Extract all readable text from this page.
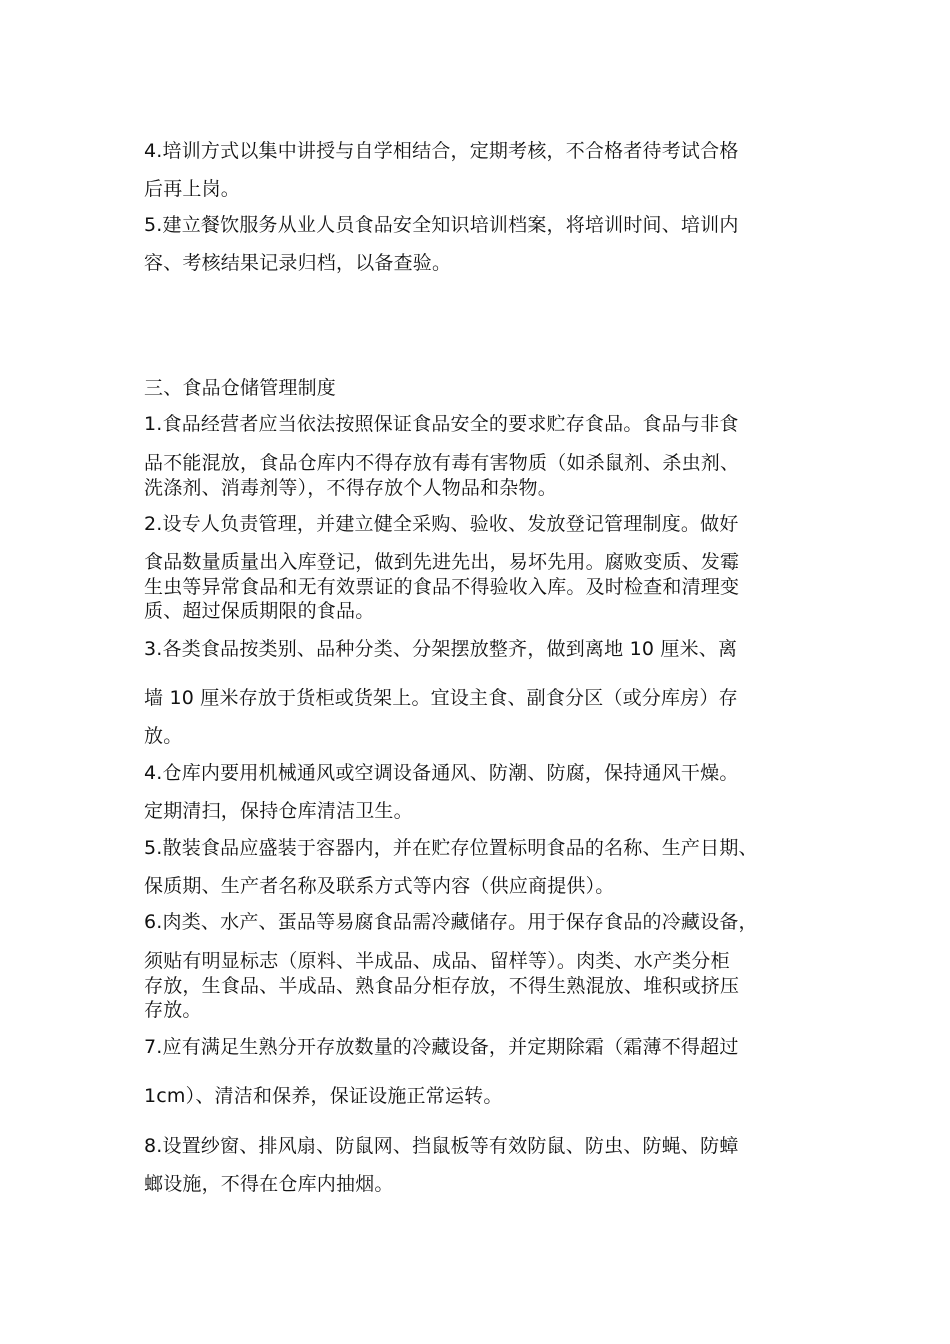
4.培训方式以集中讲授与自学相结合，定期考核，不合格者待考试合格
后再上岗。
5.建立餐饮服务从业人员食品安全知识培训档案，将培训时间、培训内
容、考核结果记录归档，以备查验。
三、食品仓储管理制度
1.食品经营者应当依法按照保证食品安全的要求贮存食品。食品与非食
品不能混放，食品仓库内不得存放有毒有害物质（如杀鼠剂、杀虫剂、
洗涤剂、消毒剂等），不得存放个人物品和杂物。
2.设专人负责管理，并建立健全采购、验收、发放登记管理制度。做好
食品数量质量出入库登记，做到先进先出，易坏先用。腐败变质、发霉
生虫等异常食品和无有效票证的食品不得验收入库。及时检查和清理变
质、超过保质期限的食品。
3.各类食品按类别、品种分类、分架摆放整齐，做到离地 10 厘米、离
墙 10 厘米存放于货柜或货架上。宜设主食、副食分区（或分库房）存
放。
4.仓库内要用机械通风或空调设备通风、防潮、防腐，保持通风干燥。
定期清扫，保持仓库清洁卫生。
5.散装食品应盛装于容器内，并在贮存位置标明食品的名称、生产日期、
保质期、生产者名称及联系方式等内容（供应商提供）。
6.肉类、水产、蛋品等易腐食品需冷藏储存。用于保存食品的冷藏设备，
须贴有明显标志（原料、半成品、成品、留样等）。肉类、水产类分柜
存放，生食品、半成品、熟食品分柜存放，不得生熟混放、堆积或挤压
存放。
7.应有满足生熟分开存放数量的冷藏设备，并定期除霜（霜薄不得超过
1cm）、清洁和保养，保证设施正常运转。
8.设置纱窗、排风扇、防鼠网、挡鼠板等有效防鼠、防虫、防蝇、防蟑
螂设施，不得在仓库内抽烟。
